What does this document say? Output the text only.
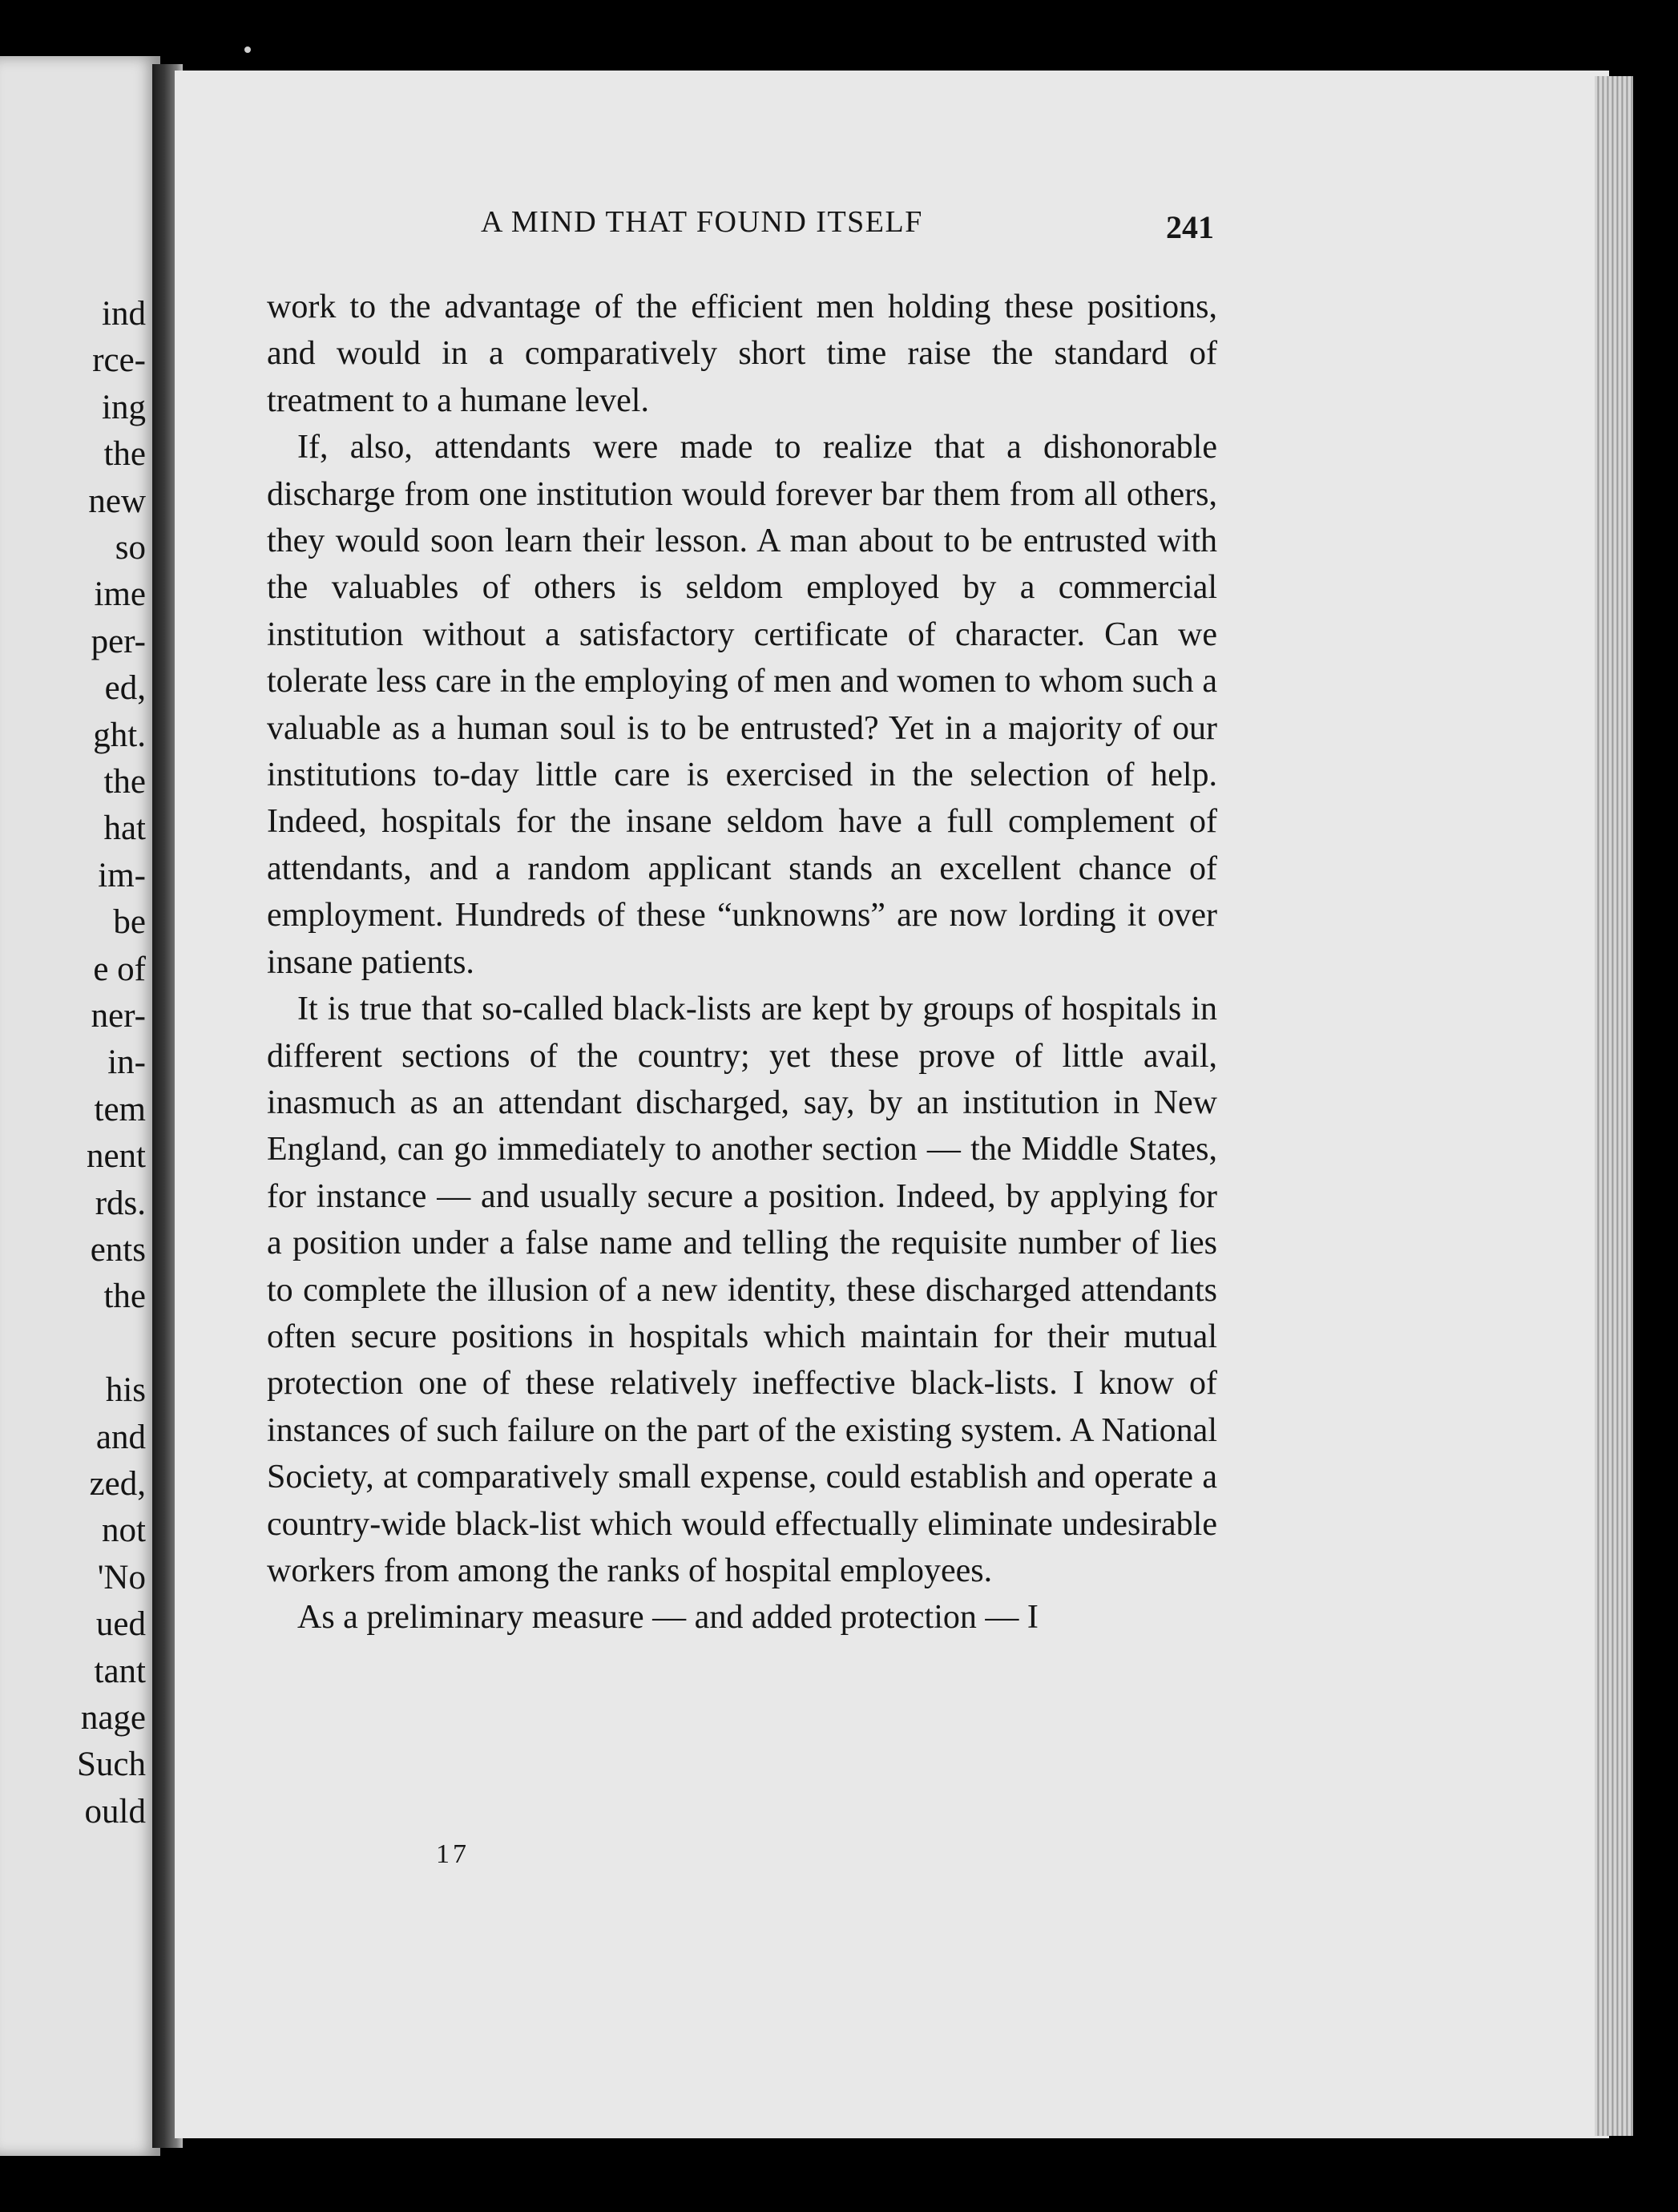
ind

rce-

ing

the

new

so

ime

per-

ed,

ght.

the

hat

im-

be

e of

ner-

in-

tem

nent

rds.

ents

the

his

and

zed,

not

'No

ued

tant

nage

Such

ould

A MIND THAT FOUND ITSELF	241

work to the advantage of the efficient men holding these positions, and would in a comparatively short time raise the standard of treatment to a humane level.

If, also, attendants were made to realize that a dishonorable discharge from one institution would forever bar them from all others, they would soon learn their lesson. A man about to be entrusted with the valuables of others is seldom employed by a commercial institution without a satisfactory certificate of character. Can we tolerate less care in the employing of men and women to whom such a valuable as a human soul is to be entrusted? Yet in a majority of our institutions to-day little care is exercised in the selection of help. Indeed, hospitals for the insane seldom have a full complement of attendants, and a random applicant stands an excellent chance of employment. Hundreds of these “unknowns” are now lording it over insane patients.

It is true that so-called black-lists are kept by groups of hospitals in different sections of the country; yet these prove of little avail, inasmuch as an attendant discharged, say, by an institution in New England, can go immediately to another section — the Middle States, for instance — and usually secure a position. Indeed, by applying for a position under a false name and telling the requisite number of lies to complete the illusion of a new identity, these discharged attendants often secure positions in hospitals which maintain for their mutual protection one of these relatively ineffective black-lists. I know of instances of such failure on the part of the existing system. A National Society, at comparatively small expense, could establish and operate a country-wide black-list which would effectually eliminate undesirable workers from among the ranks of hospital employees.

As a preliminary measure — and added protection — I

17
